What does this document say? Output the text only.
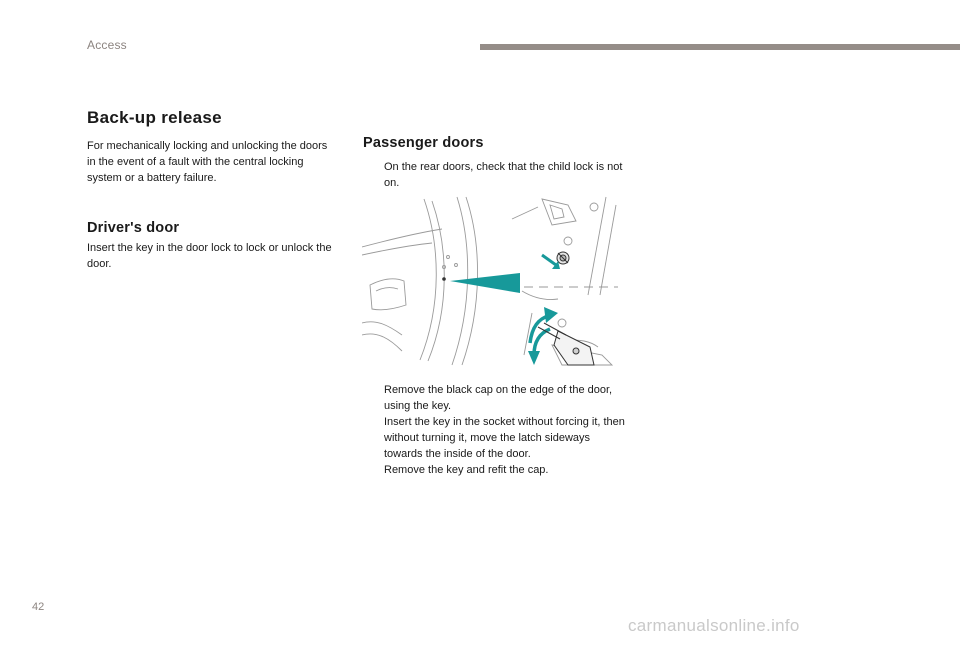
Access
Back-up release

For mechanically locking and unlocking the doors in the event of a fault with the central locking system or a battery failure.

Driver's door

Insert the key in the door lock to lock or unlock the door.

Passenger doors
On the rear doors, check that the child lock is not on.
Remove the black cap on the edge of the door, using the key.
Insert the key in the socket without forcing it, then without turning it, move the latch sideways towards the inside of the door.
Remove the key and refit the cap.
42
carmanualsonline.info
